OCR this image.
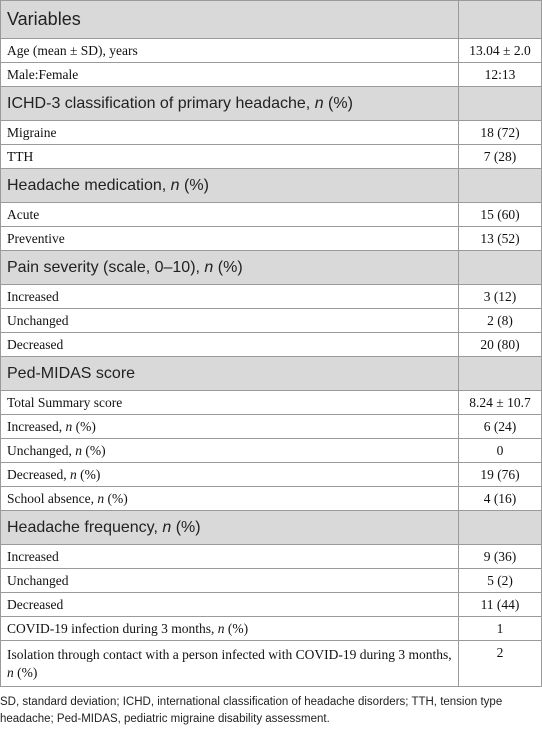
Variables	
Age (mean ± SD), years	13.04 ± 2.0
Male:Female	12:13
ICHD-3 classification of primary headache, n (%)	
Migraine	18 (72)
TTH	7 (28)
Headache medication, n (%)	
Acute	15 (60)
Preventive	13 (52)
Pain severity (scale, 0–10), n (%)	
Increased	3 (12)
Unchanged	2 (8)
Decreased	20 (80)
Ped-MIDAS score	
Total Summary score	8.24 ± 10.7
Increased, n (%)	6 (24)
Unchanged, n (%)	0
Decreased, n (%)	19 (76)
School absence, n (%)	4 (16)
Headache frequency, n (%)	
Increased	9 (36)
Unchanged	5 (2)
Decreased	11 (44)
COVID-19 infection during 3 months, n (%)	1
Isolation through contact with a person infected with COVID-19 during 3 months, n (%)	2
SD, standard deviation; ICHD, international classification of headache disorders; TTH, tension type headache; Ped-MIDAS, pediatric migraine disability assessment.
